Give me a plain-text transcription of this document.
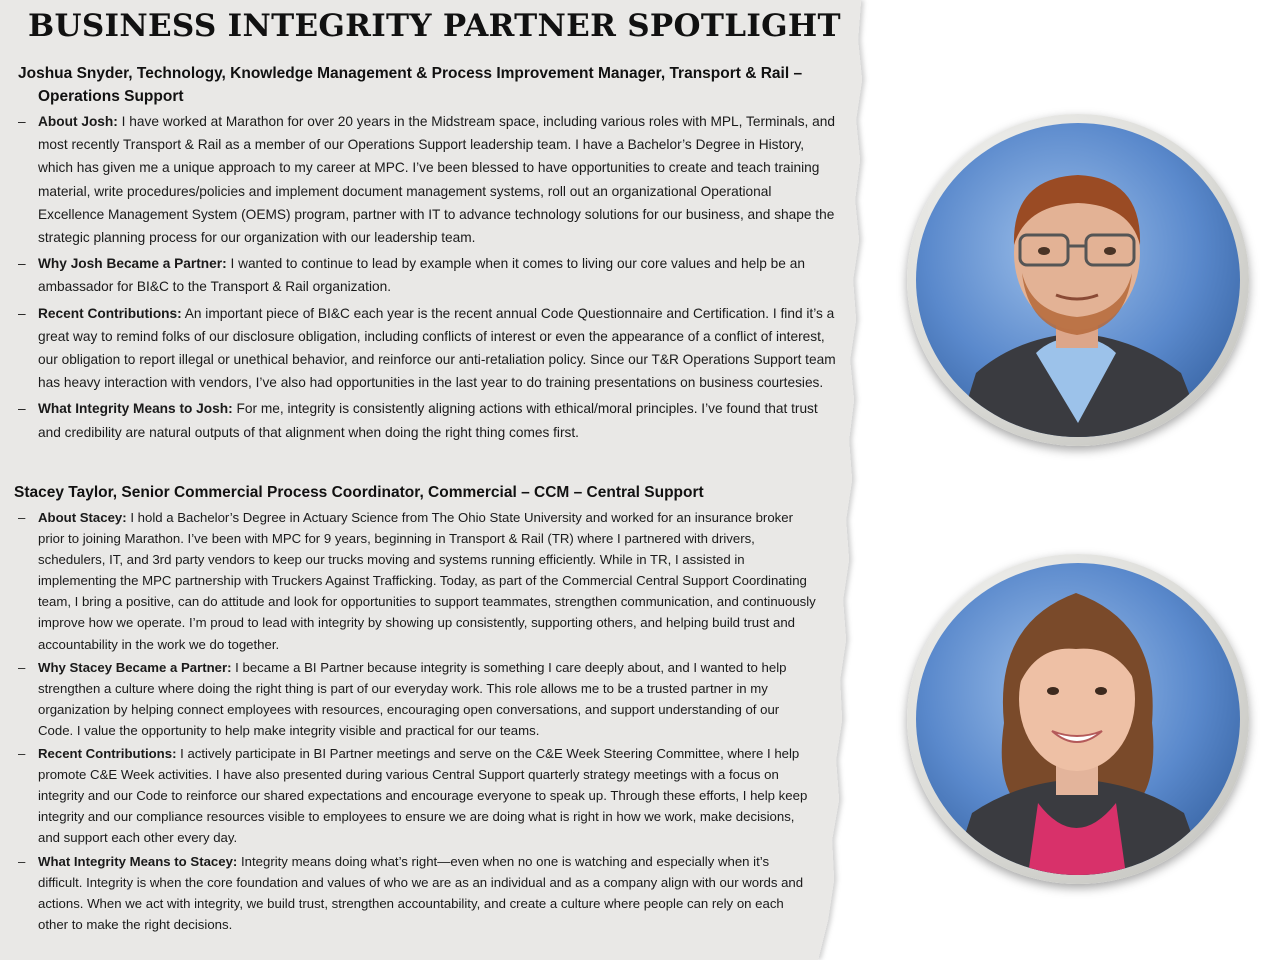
BUSINESS INTEGRITY PARTNER SPOTLIGHT
Joshua Snyder, Technology, Knowledge Management & Process Improvement Manager, Transport & Rail –
Operations Support
– About Josh: I have worked at Marathon for over 20 years in the Midstream space, including various roles with MPL, Terminals, and most recently Transport & Rail as a member of our Operations Support leadership team. I have a Bachelor’s Degree in History, which has given me a unique approach to my career at MPC. I’ve been blessed to have opportunities to create and teach training material, write procedures/policies and implement document management systems, roll out an organizational Operational Excellence Management System (OEMS) program, partner with IT to advance technology solutions for our business, and shape the strategic planning process for our organization with our leadership team.
– Why Josh Became a Partner: I wanted to continue to lead by example when it comes to living our core values and help be an ambassador for BI&C to the Transport & Rail organization.
– Recent Contributions: An important piece of BI&C each year is the recent annual Code Questionnaire and Certification. I find it’s a great way to remind folks of our disclosure obligation, including conflicts of interest or even the appearance of a conflict of interest, our obligation to report illegal or unethical behavior, and reinforce our anti-retaliation policy. Since our T&R Operations Support team has heavy interaction with vendors, I’ve also had opportunities in the last year to do training presentations on business courtesies.
– What Integrity Means to Josh: For me, integrity is consistently aligning actions with ethical/moral principles. I’ve found that trust and credibility are natural outputs of that alignment when doing the right thing comes first.
Stacey Taylor, Senior Commercial Process Coordinator, Commercial – CCM – Central Support
– About Stacey: I hold a Bachelor’s Degree in Actuary Science from The Ohio State University and worked for an insurance broker prior to joining Marathon. I’ve been with MPC for 9 years, beginning in Transport & Rail (TR) where I partnered with drivers, schedulers, IT, and 3rd party vendors to keep our trucks moving and systems running efficiently. While in TR, I assisted in implementing the MPC partnership with Truckers Against Trafficking. Today, as part of the Commercial Central Support Coordinating team, I bring a positive, can do attitude and look for opportunities to support teammates, strengthen communication, and continuously improve how we operate. I’m proud to lead with integrity by showing up consistently, supporting others, and helping build trust and accountability in the work we do together.
– Why Stacey Became a Partner: I became a BI Partner because integrity is something I care deeply about, and I wanted to help strengthen a culture where doing the right thing is part of our everyday work. This role allows me to be a trusted partner in my organization by helping connect employees with resources, encouraging open conversations, and support understanding of our Code. I value the opportunity to help make integrity visible and practical for our teams.
– Recent Contributions: I actively participate in BI Partner meetings and serve on the C&E Week Steering Committee, where I help promote C&E Week activities. I have also presented during various Central Support quarterly strategy meetings with a focus on integrity and our Code to reinforce our shared expectations and encourage everyone to speak up. Through these efforts, I help keep integrity and our compliance resources visible to employees to ensure we are doing what is right in how we work, make decisions, and support each other every day.
– What Integrity Means to Stacey: Integrity means doing what’s right—even when no one is watching and especially when it’s difficult. Integrity is when the core foundation and values of who we are as an individual and as a company align with our words and actions. When we act with integrity, we build trust, strengthen accountability, and create a culture where people can rely on each other to make the right decisions.
